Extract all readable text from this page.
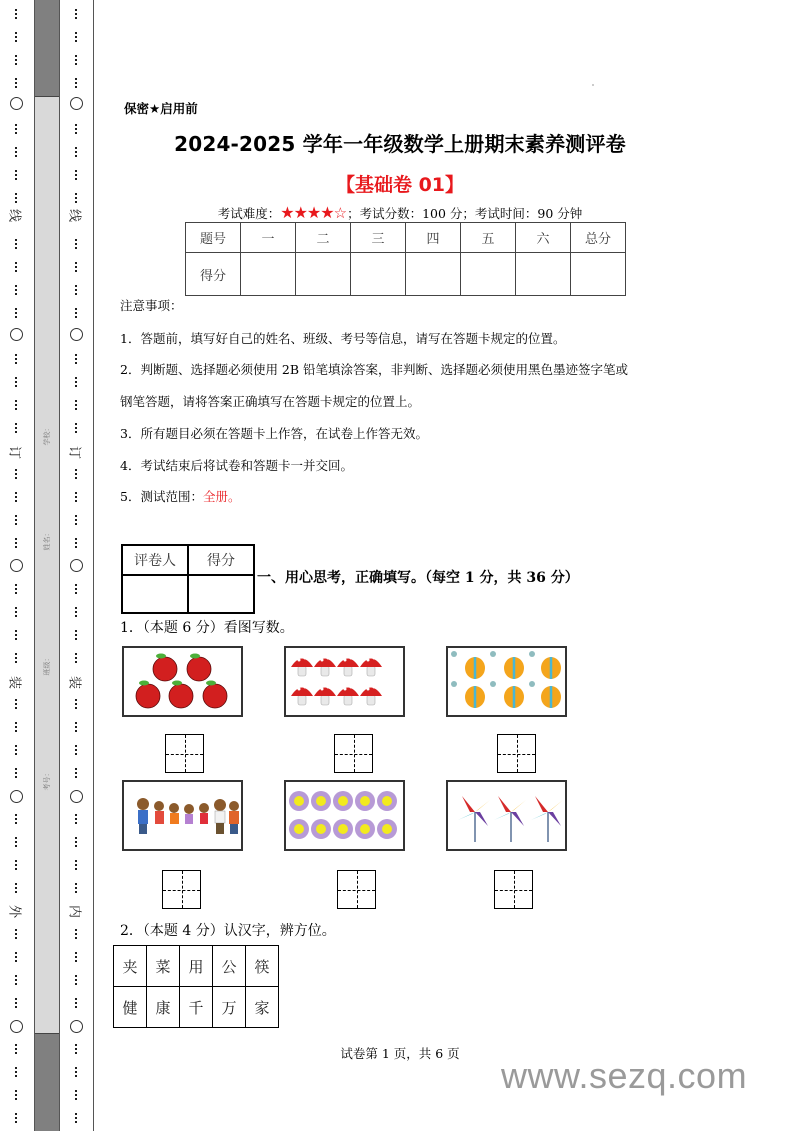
线
订
装
外
学校：
姓名：
班级：
考号：
线
订
装
内
保密★启用前
2024-2025 学年一年级数学上册期末素养测评卷
【基础卷 01】
考试难度：★★★★☆；考试分数：100 分；考试时间：90 分钟
题号	一	二	三	四	五	六	总分
得分							
注意事项：
1．答题前，填写好自己的姓名、班级、考号等信息，请写在答题卡规定的位置。
2．判断题、选择题必须使用 2B 铅笔填涂答案，非判断、选择题必须使用黑色墨迹签字笔或
钢笔答题，请将答案正确填写在答题卡规定的位置上。
3．所有题目必须在答题卡上作答，在试卷上作答无效。
4．考试结束后将试卷和答题卡一并交回。
5．测试范围：全册。
评卷人	得分

一、用心思考，正确填写。（每空 1 分，共 36 分）
1．（本题 6 分）看图写数。
2．（本题 4 分）认汉字，辨方位。
夹	菜	用	公	筷
健	康	千	万	家
试卷第 1 页，共 6 页
www.sezq.com
